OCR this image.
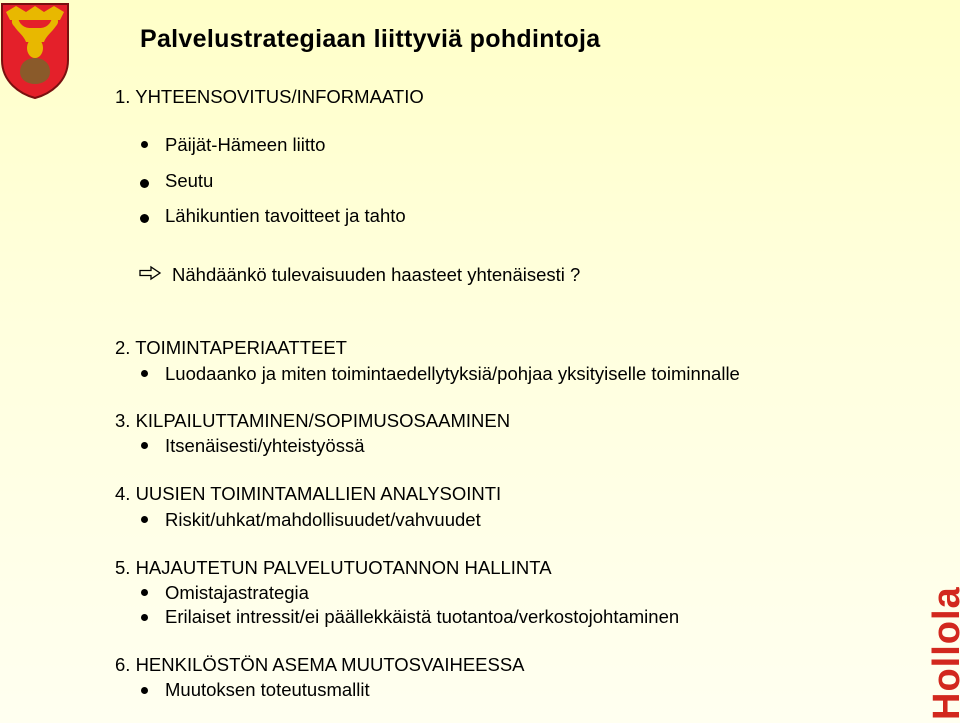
Palvelustrategiaan liittyviä pohdintoja
1. YHTEENSOVITUS/INFORMAATIO
Päijät-Hämeen liitto
Seutu
Lähikuntien tavoitteet ja tahto
Nähdäänkö tulevaisuuden haasteet yhtenäisesti ?
2. TOIMINTAPERIAATTEET
Luodaanko ja miten toimintaedellytyksiä/pohjaa yksityiselle toiminnalle
3. KILPAILUTTAMINEN/SOPIMUSOSAAMINEN
Itsenäisesti/yhteistyössä
4. UUSIEN TOIMINTAMALLIEN ANALYSOINTI
Riskit/uhkat/mahdollisuudet/vahvuudet
5. HAJAUTETUN PALVELUTUOTANNON HALLINTA
Omistajastrategia
Erilaiset intressit/ei päällekkäistä tuotantoa/verkostojohtaminen
6. HENKILÖSTÖN ASEMA MUUTOSVAIHEESSA
Muutoksen toteutusmallit	Hollola
